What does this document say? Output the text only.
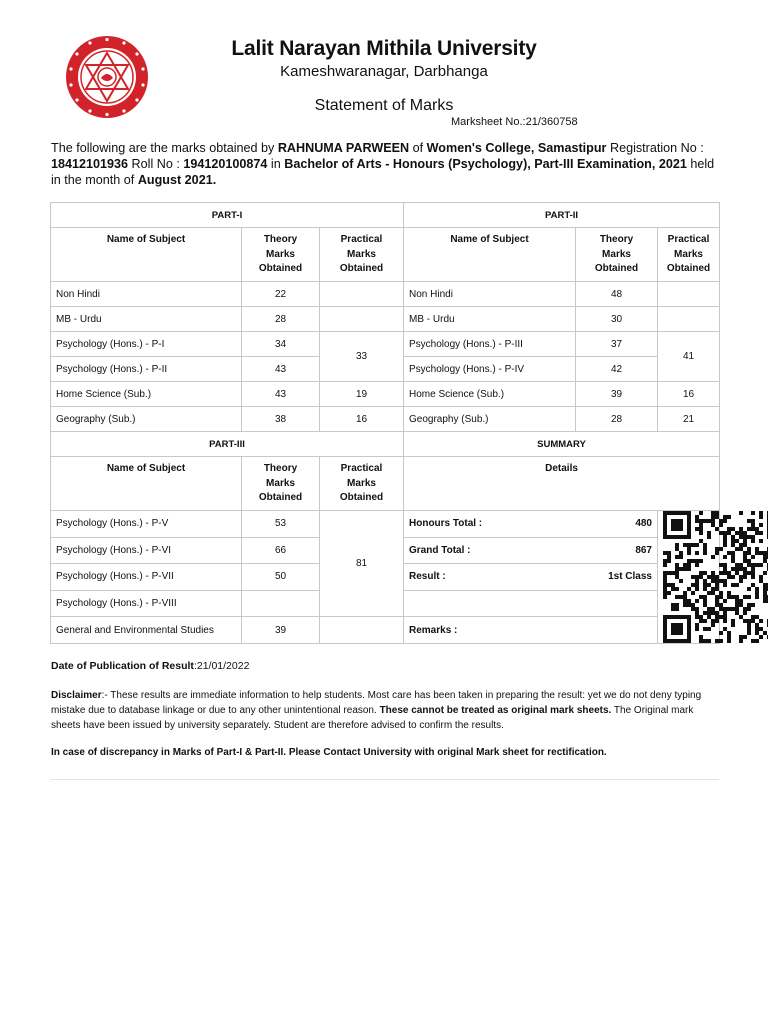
Lalit Narayan Mithila University
Kameshwaranagar, Darbhanga
Statement of Marks
Marksheet No.:21/360758
The following are the marks obtained by RAHNUMA PARWEEN of Women's College, Samastipur Registration No : 18412101936 Roll No : 194120100874 in Bachelor of Arts - Honours (Psychology), Part-III Examination, 2021 held in the month of August 2021.
PART-I			PART-II		
Name of Subject	Theory
Marks
Obtained	Practical
Marks
Obtained	Name of Subject	Theory
Marks
Obtained	Practical
Marks
Obtained
Non Hindi	22		Non Hindi	48	
MB - Urdu	28		MB - Urdu	30	
Psychology (Hons.) - P-I	34	33	Psychology (Hons.) - P-III	37	41
Psychology (Hons.) - P-II	43		Psychology (Hons.) - P-IV	42	
Home Science (Sub.)	43	19	Home Science (Sub.)	39	16
Geography (Sub.)	38	16	Geography (Sub.)	28	21
PART-III			SUMMARY		
Name of Subject	Theory
Marks
Obtained	Practical
Marks
Obtained	Details		
Psychology (Hons.) - P-V	53	81	Honours Total : 480

Psychology (Hons.) - P-VI	66		Grand Total : 867		

Psychology (Hons.) - P-VII	50		Result : 1st Class		

Psychology (Hons.) - P-VIII					
General and Environmental Studies	39		Remarks :		
Date of Publication of Result:21/01/2022
Disclaimer:- These results are immediate information to help students. Most care has been taken in preparing the result: yet we do not deny typing mistake due to database linkage or due to any other unintentional reason. These cannot be treated as original mark sheets. The Original mark sheets have been issued by university separately. Student are therefore advised to confirm the results.
In case of discrepancy in Marks of Part-I & Part-II. Please Contact University with original Mark sheet for rectification.
